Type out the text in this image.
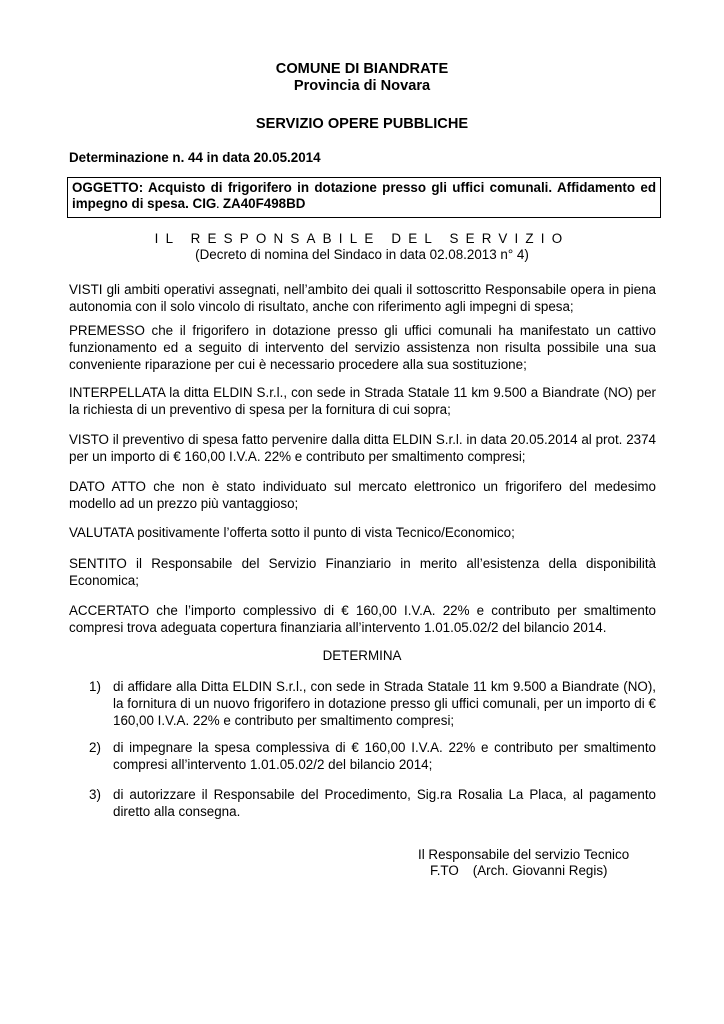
COMUNE DI BIANDRATE
Provincia di Novara
SERVIZIO OPERE PUBBLICHE
Determinazione n. 44 in data 20.05.2014
OGGETTO: Acquisto di frigorifero in dotazione presso gli uffici comunali. Affidamento ed impegno di spesa. CIG. ZA40F498BD
IL RESPONSABILE DEL SERVIZIO
(Decreto di nomina del Sindaco in data 02.08.2013 n° 4)
VISTI gli ambiti operativi assegnati, nell’ambito dei quali il sottoscritto Responsabile opera in piena autonomia con il solo vincolo di risultato, anche con riferimento agli impegni di spesa;
PREMESSO che il frigorifero in dotazione presso gli uffici comunali ha manifestato un cattivo funzionamento ed a seguito di intervento del servizio assistenza non risulta possibile una sua conveniente riparazione per cui è necessario procedere alla sua sostituzione;
INTERPELLATA la ditta ELDIN S.r.l., con sede in Strada Statale 11 km 9.500 a Biandrate (NO) per la richiesta di un preventivo di spesa per la fornitura di cui sopra;
VISTO il preventivo di spesa fatto pervenire dalla ditta ELDIN S.r.l. in data 20.05.2014 al prot. 2374 per un importo di € 160,00 I.V.A. 22% e contributo per smaltimento compresi;
DATO ATTO che non è stato individuato sul mercato elettronico un frigorifero del medesimo modello ad un prezzo più vantaggioso;
VALUTATA positivamente l’offerta sotto il punto di vista Tecnico/Economico;
SENTITO il Responsabile del Servizio Finanziario in merito all’esistenza della disponibilità Economica;
ACCERTATO che l’importo complessivo di € 160,00 I.V.A. 22% e contributo per smaltimento compresi trova adeguata copertura finanziaria all’intervento 1.01.05.02/2 del bilancio 2014.
DETERMINA
1) di affidare alla Ditta ELDIN S.r.l., con sede in Strada Statale 11 km 9.500 a Biandrate (NO), la fornitura di un nuovo frigorifero in dotazione presso gli uffici comunali, per un importo di € 160,00 I.V.A. 22% e contributo per smaltimento compresi;
2) di impegnare la spesa complessiva di € 160,00 I.V.A. 22% e contributo per smaltimento compresi all’intervento 1.01.05.02/2 del bilancio 2014;
3) di autorizzare il Responsabile del Procedimento, Sig.ra Rosalia La Placa, al pagamento diretto alla consegna.
Il Responsabile del servizio Tecnico
F.TO (Arch. Giovanni Regis)
